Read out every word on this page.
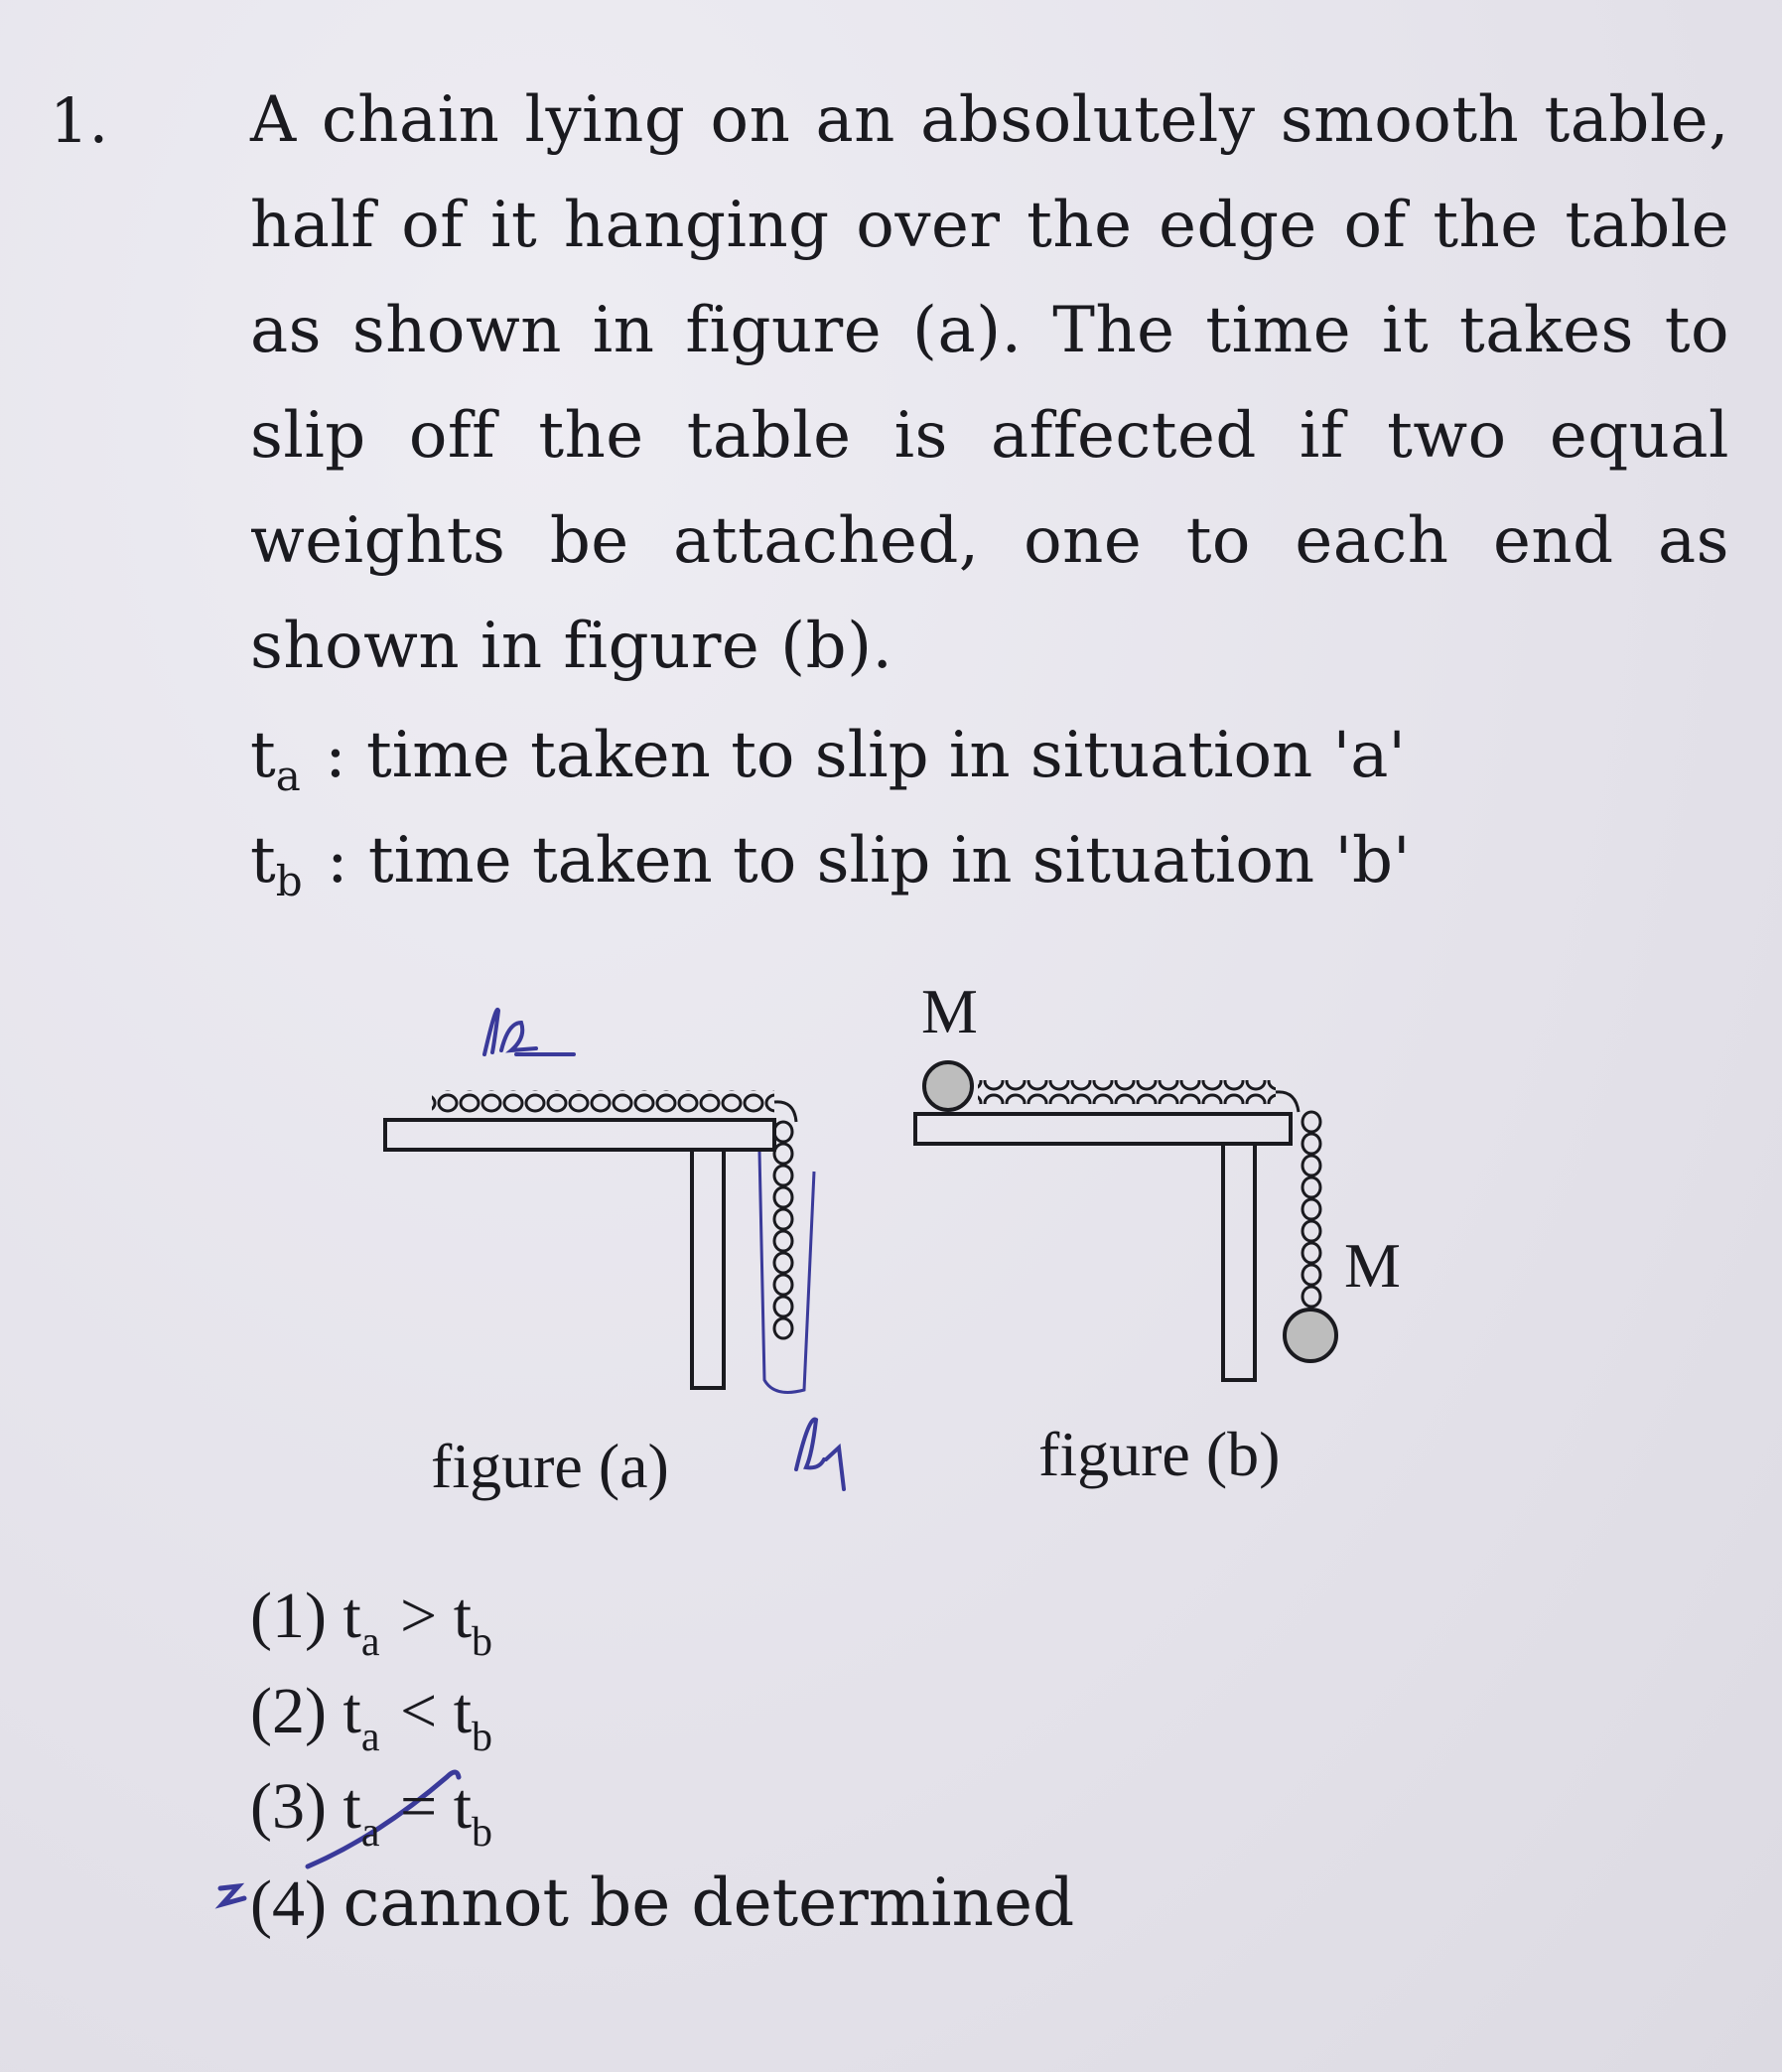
1. A chain lying on an absolutely smooth table,
half of it hanging over the edge of the table
as shown in figure (a). The time it takes to
slip off the table is affected if two equal
weights be attached, one to each end as
shown in figure (b).
$t_a$ : time taken to slip in situation 'a'
$t_b$ : time taken to slip in situation 'b'
figure (a)	figure (b)
M
M
(1) $t_a > t_b$
(2) $t_a < t_b$
(3) $t_a = t_b$
(4) cannot be determined
